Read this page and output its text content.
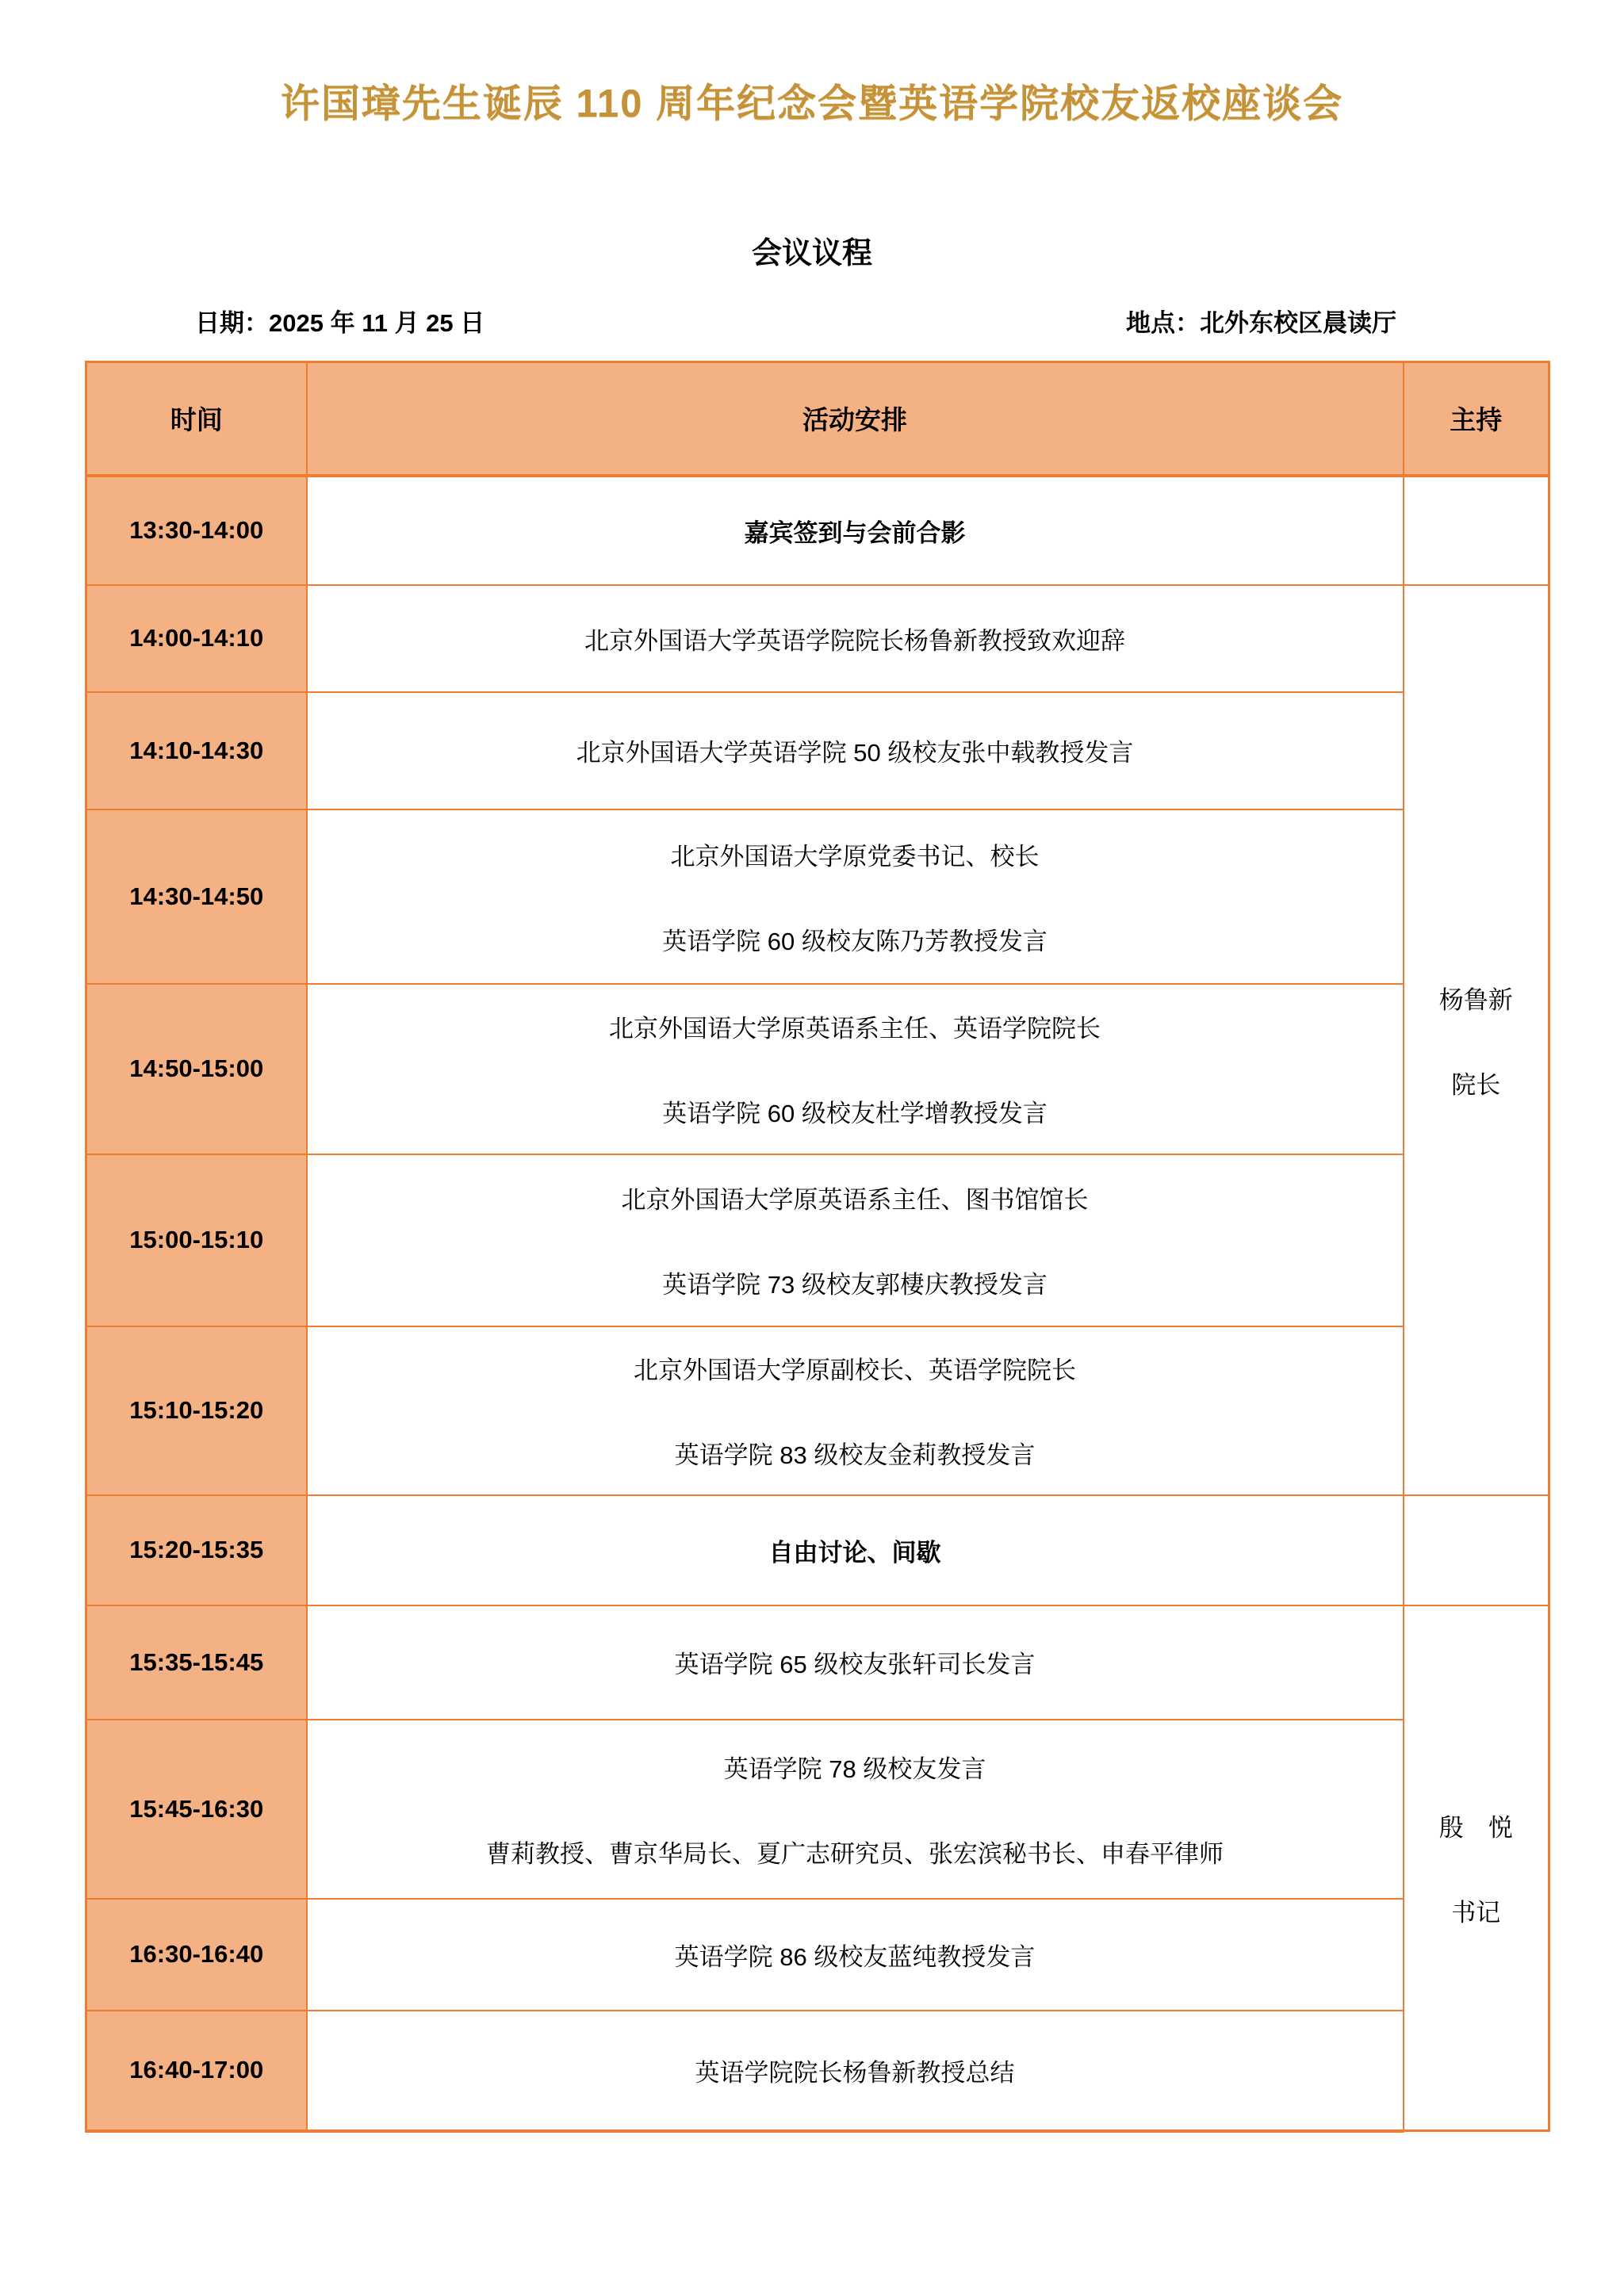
许国璋先生诞辰 110 周年纪念会暨英语学院校友返校座谈会
会议议程
日期：2025 年 11 月 25 日	地点：北外东校区晨读厅
时间	活动安排	主持
13:30-14:00	嘉宾签到与会前合影	

14:00-14:10	北京外国语大学英语学院院长杨鲁新教授致欢迎辞	杨鲁新
院长

14:10-14:30	北京外国语大学英语学院 50 级校友张中载教授发言	

14:30-14:50	北京外国语大学原党委书记、校长
英语学院 60 级校友陈乃芳教授发言	

14:50-15:00	北京外国语大学原英语系主任、英语学院院长
英语学院 60 级校友杜学增教授发言	

15:00-15:10	北京外国语大学原英语系主任、图书馆馆长
英语学院 73 级校友郭棲庆教授发言	

15:10-15:20	北京外国语大学原副校长、英语学院院长
英语学院 83 级校友金莉教授发言	

15:20-15:35	自由讨论、间歇	

15:35-15:45	英语学院 65 级校友张轩司长发言	殷　悦
书记

15:45-16:30	英语学院 78 级校友发言
曹莉教授、曹京华局长、夏广志研究员、张宏滨秘书长、申春平律师	

16:30-16:40	英语学院 86 级校友蓝纯教授发言	

16:40-17:00	英语学院院长杨鲁新教授总结	
